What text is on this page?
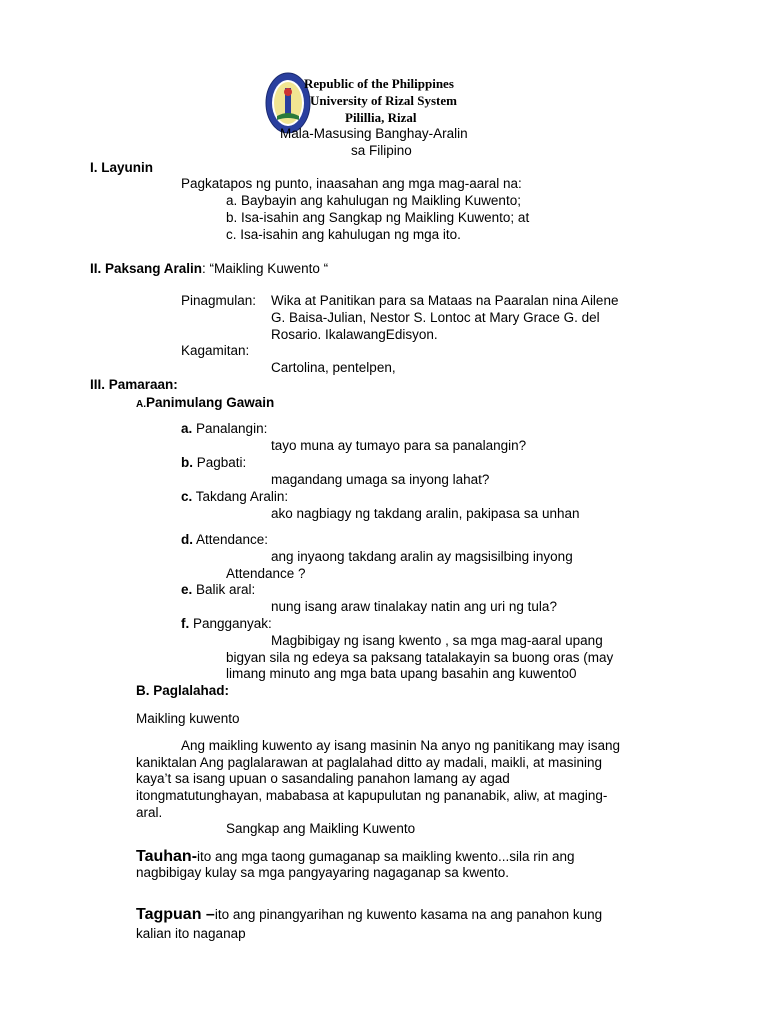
Republic of the Philippines
University of Rizal System
Pilillia, Rizal
Mala-Masusing Banghay-Aralin
sa Filipino
I. Layunin
Pagkatapos ng punto, inaasahan ang mga mag-aaral na:
a. Baybayin ang kahulugan ng Maikling Kuwento;
b. Isa-isahin ang Sangkap ng Maikling Kuwento; at
c. Isa-isahin ang kahulugan ng mga ito.
II. Paksang Aralin: “Maikling Kuwento “
Pinagmulan: Wika at Panitikan para sa Mataas na Paaralan nina Ailene
G. Baisa-Julian, Nestor S. Lontoc at Mary Grace G. del
Rosario. IkalawangEdisyon.
Kagamitan:
Cartolina, pentelpen,
III. Pamaraan:
A.Panimulang Gawain
a. Panalangin:
tayo muna ay tumayo para sa panalangin?
b. Pagbati:
magandang umaga sa inyong lahat?
c. Takdang Aralin:
ako nagbiagy ng takdang aralin, pakipasa sa unhan
d. Attendance:
ang inyaong takdang aralin ay magsisilbing inyong
Attendance ?
e. Balik aral:
nung isang araw tinalakay natin ang uri ng tula?
f. Pangganyak:
Magbibigay ng isang kwento , sa mga mag-aaral upang
bigyan sila ng edeya sa paksang tatalakayin sa buong oras (may
limang minuto ang mga bata upang basahin ang kuwento0
B. Paglalahad:
Maikling kuwento
Ang maikling kuwento ay isang masinin Na anyo ng panitikang may isang
kaniktalan Ang paglalarawan at paglalahad ditto ay madali, maikli, at masining
kaya’t sa isang upuan o sasandaling panahon lamang ay agad
itongmatutunghayan, mababasa at kapupulutan ng pananabik, aliw, at maging-
aral.
Sangkap ang Maikling Kuwento
Tauhan-ito ang mga taong gumaganap sa maikling kwento...sila rin ang
nagbibigay kulay sa mga pangyayaring nagaganap sa kwento.
Tagpuan –ito ang pinangyarihan ng kuwento kasama na ang panahon kung
kalian ito naganap
